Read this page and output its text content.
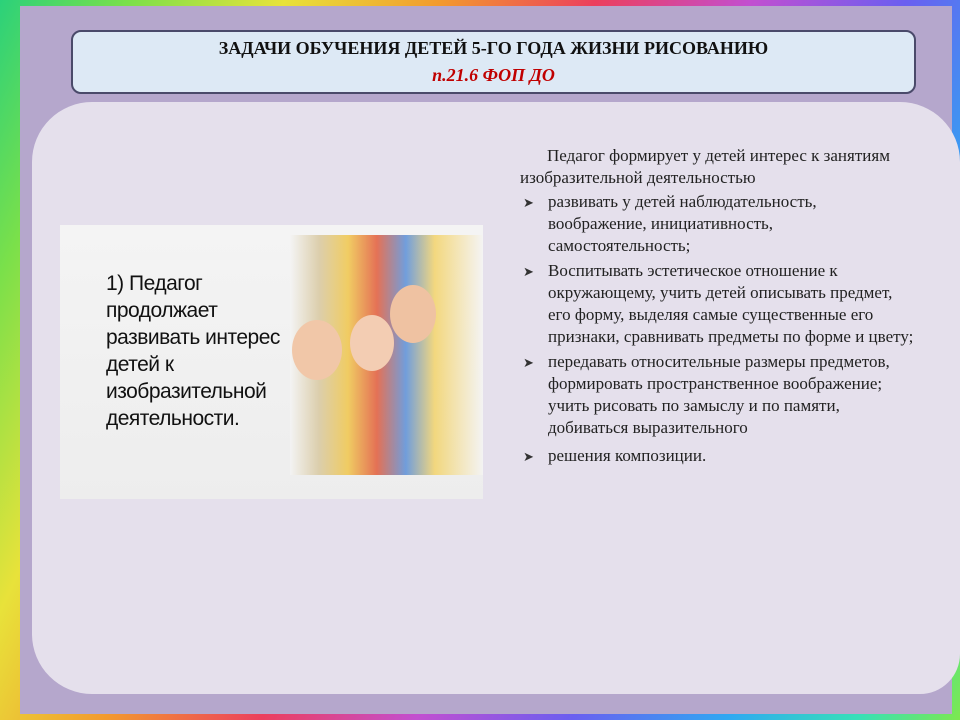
ЗАДАЧИ ОБУЧЕНИЯ ДЕТЕЙ 5-ГО ГОДА ЖИЗНИ РИСОВАНИЮ
п.21.6 ФОП ДО
1) Педагог продолжает развивать интерес детей к изобразительной деятельности.

Педагог формирует у детей интерес к занятиям изобразительной деятельностью

➤ развивать у детей наблюдательность, воображение, инициативность, самостоятельность;
➤ Воспитывать эстетическое отношение к окружающему, учить детей описывать предмет, его форму, выделяя самые существенные его признаки, сравнивать предметы по форме и цвету;
➤ передавать относительные размеры предметов, формировать пространственное воображение; учить рисовать по замыслу и по памяти, добиваться выразительного
➤ решения композиции.
